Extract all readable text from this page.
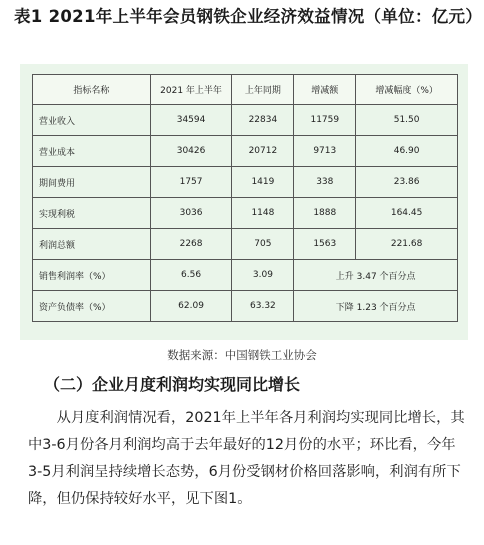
表1 2021年上半年会员钢铁企业经济效益情况（单位：亿元）
指标名称	2021 年上半年	上年同期	增减额	增减幅度（%）
营业收入	34594	22834	11759	51.50
营业成本	30426	20712	9713	46.90
期间费用	1757	1419	338	23.86
实现利税	3036	1148	1888	164.45
利润总额	2268	705	1563	221.68
销售利润率（%）	6.56	3.09	上升 3.47 个百分点	
资产负债率（%）	62.09	63.32	下降 1.23 个百分点	
数据来源：中国钢铁工业协会
（二）企业月度利润均实现同比增长

从月度利润情况看，2021年上半年各月利润均实现同比增长，其中3-6月份各月利润均高于去年最好的12月份的水平；环比看，今年3-5月利润呈持续增长态势，6月份受钢材价格回落影响，利润有所下降，但仍保持较好水平，见下图1。
